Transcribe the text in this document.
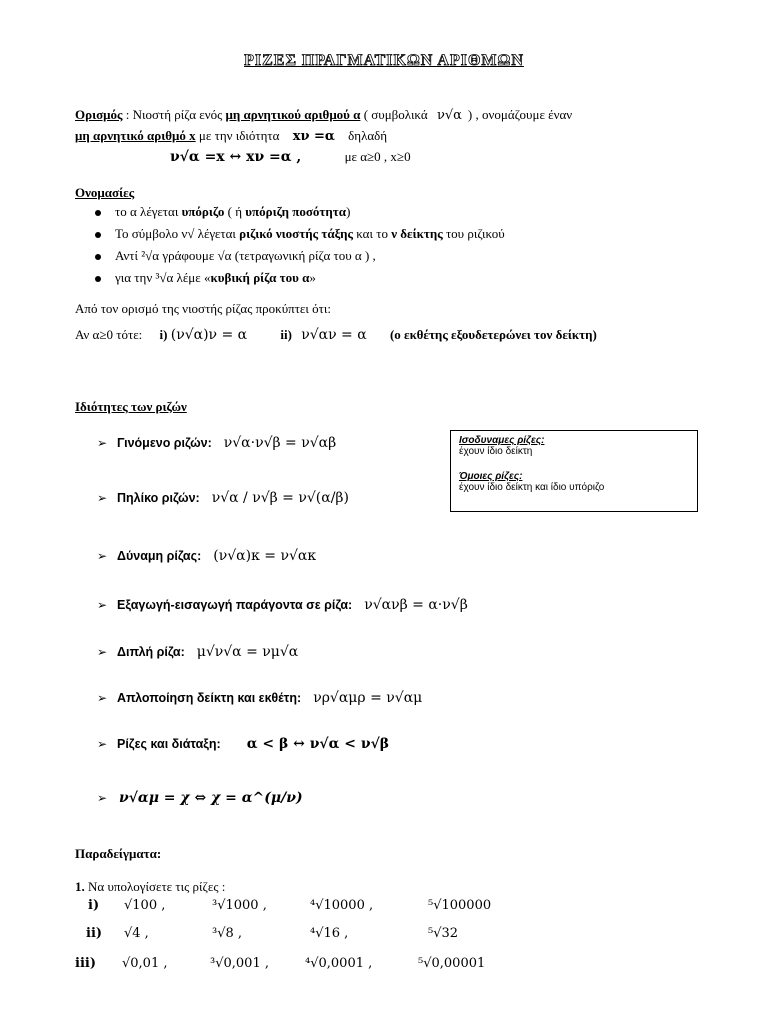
ΡΙΖΕΣ ΠΡΑΓΜΑΤΙΚΩΝ ΑΡΙΘΜΩΝ
Ορισμός : Νιοστή ρίζα ενός μη αρνητικού αριθμού α ( συμβολικά ν√α ) , ονομάζουμε έναν
μη αρνητικό αριθμό x με την ιδιότητα xν =α δηλαδή
ν√α =x ↔ xν =α ,	με α≥0 , x≥0
Ονομασίες
το α λέγεται υπόριζο ( ή υπόριζη ποσότητα)
Το σύμβολο ν√ λέγεται ριζικό νιοστής τάξης και το ν δείκτης του ριζικού
Αντί ²√α γράφουμε √α (τετραγωνική ρίζα του α ) ,
για την ³√α λέμε «κυβική ρίζα του α»
Από τον ορισμό της νιοστής ρίζας προκύπτει ότι:
Αν α≥0 τότε: i) (ν√α)ν = α	ii) ν√αν = α (ο εκθέτης εξουδετερώνει τον δείκτη)
Ιδιότητες των ριζών
➢ Γινόμενο ριζών: ν√α·ν√β = ν√αβ
➢ Πηλίκο ριζών: ν√α / ν√β = ν√(α/β)
➢ Δύναμη ρίζας: (ν√α)κ = ν√ακ
➢ Εξαγωγή-εισαγωγή παράγοντα σε ρίζα: ν√ανβ = α·ν√β
➢ Διπλή ρίζα: μ√ν√α = νμ√α
➢ Απλοποίηση δείκτη και εκθέτη: νρ√αμρ = ν√αμ
➢ Ρίζες και διάταξη: α < β ↔ ν√α < ν√β
➢ ν√αμ = χ ⇔ χ = α^(μ/ν)
Ισοδυναμες ρίζες:
έχουν ίδιο δείκτη
Όμοιες ρίζες:
έχουν ίδιο δείκτη και ίδιο υπόριζο
Παραδείγματα:
1. Να υπολογίσετε τις ρίζες :
i) √100 ,	³√1000 ,	⁴√10000 ,	⁵√100000
ii) √4 ,	³√8 ,	⁴√16 ,	⁵√32
iii) √0,01 ,	³√0,001 ,	⁴√0,0001 ,	⁵√0,00001
